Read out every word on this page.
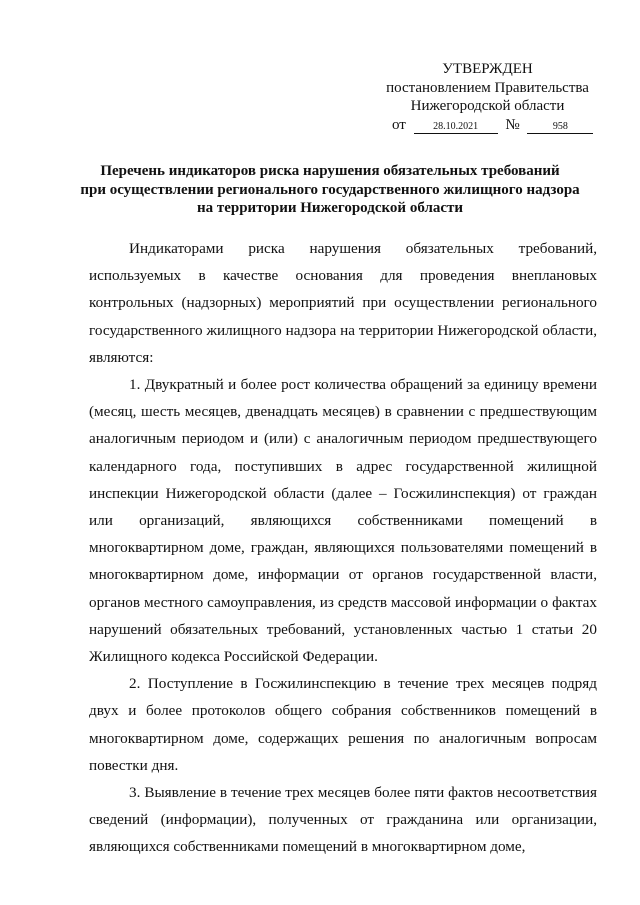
УТВЕРЖДЕН
постановлением Правительства
Нижегородской области
от	28.10.2021 №	958
Перечень индикаторов риска нарушения обязательных требований
при осуществлении регионального государственного жилищного надзора
на территории Нижегородской области

Индикаторами риска нарушения обязательных требований, используемых в качестве основания для проведения внеплановых контрольных (надзорных) мероприятий при осуществлении регионального государственного жилищного надзора на территории Нижегородской области, являются:

1. Двукратный и более рост количества обращений за единицу времени (месяц, шесть месяцев, двенадцать месяцев) в сравнении с предшествующим аналогичным периодом и (или) с аналогичным периодом предшествующего календарного года, поступивших в адрес государственной жилищной инспекции Нижегородской области (далее – Госжилинспекция) от граждан или организаций, являющихся собственниками помещений в многоквартирном доме, граждан, являющихся пользователями помещений в многоквартирном доме, информации от органов государственной власти, органов местного самоуправления, из средств массовой информации о фактах нарушений обязательных требований, установленных частью 1 статьи 20 Жилищного кодекса Российской Федерации.

2. Поступление в Госжилинспекцию в течение трех месяцев подряд двух и более протоколов общего собрания собственников помещений в многоквартирном доме, содержащих решения по аналогичным вопросам повестки дня.

3. Выявление в течение трех месяцев более пяти фактов несоответствия сведений (информации), полученных от гражданина или организации, являющихся собственниками помещений в многоквартирном доме,
